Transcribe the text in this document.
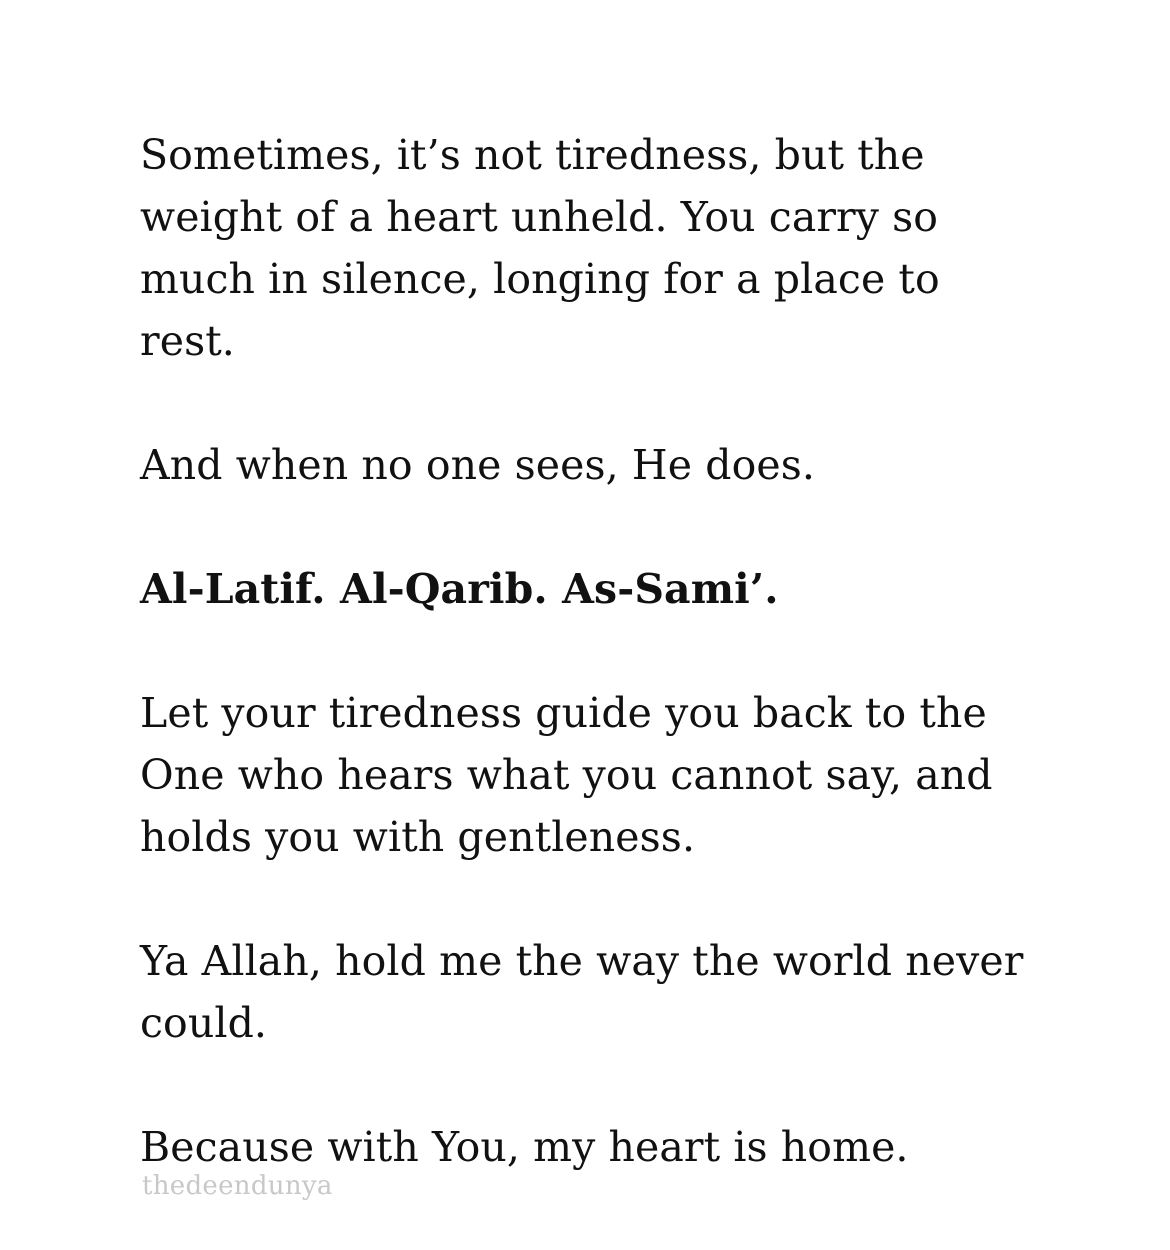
Sometimes, it’s not tiredness, but the weight of a heart unheld. You carry so much in silence, longing for a place to rest.

And when no one sees, He does.

Al-Latif. Al-Qarib. As-Sami’.

Let your tiredness guide you back to the One who hears what you cannot say, and holds you with gentleness.

Ya Allah, hold me the way the world never could.

Because with You, my heart is home.

thedeendunya
